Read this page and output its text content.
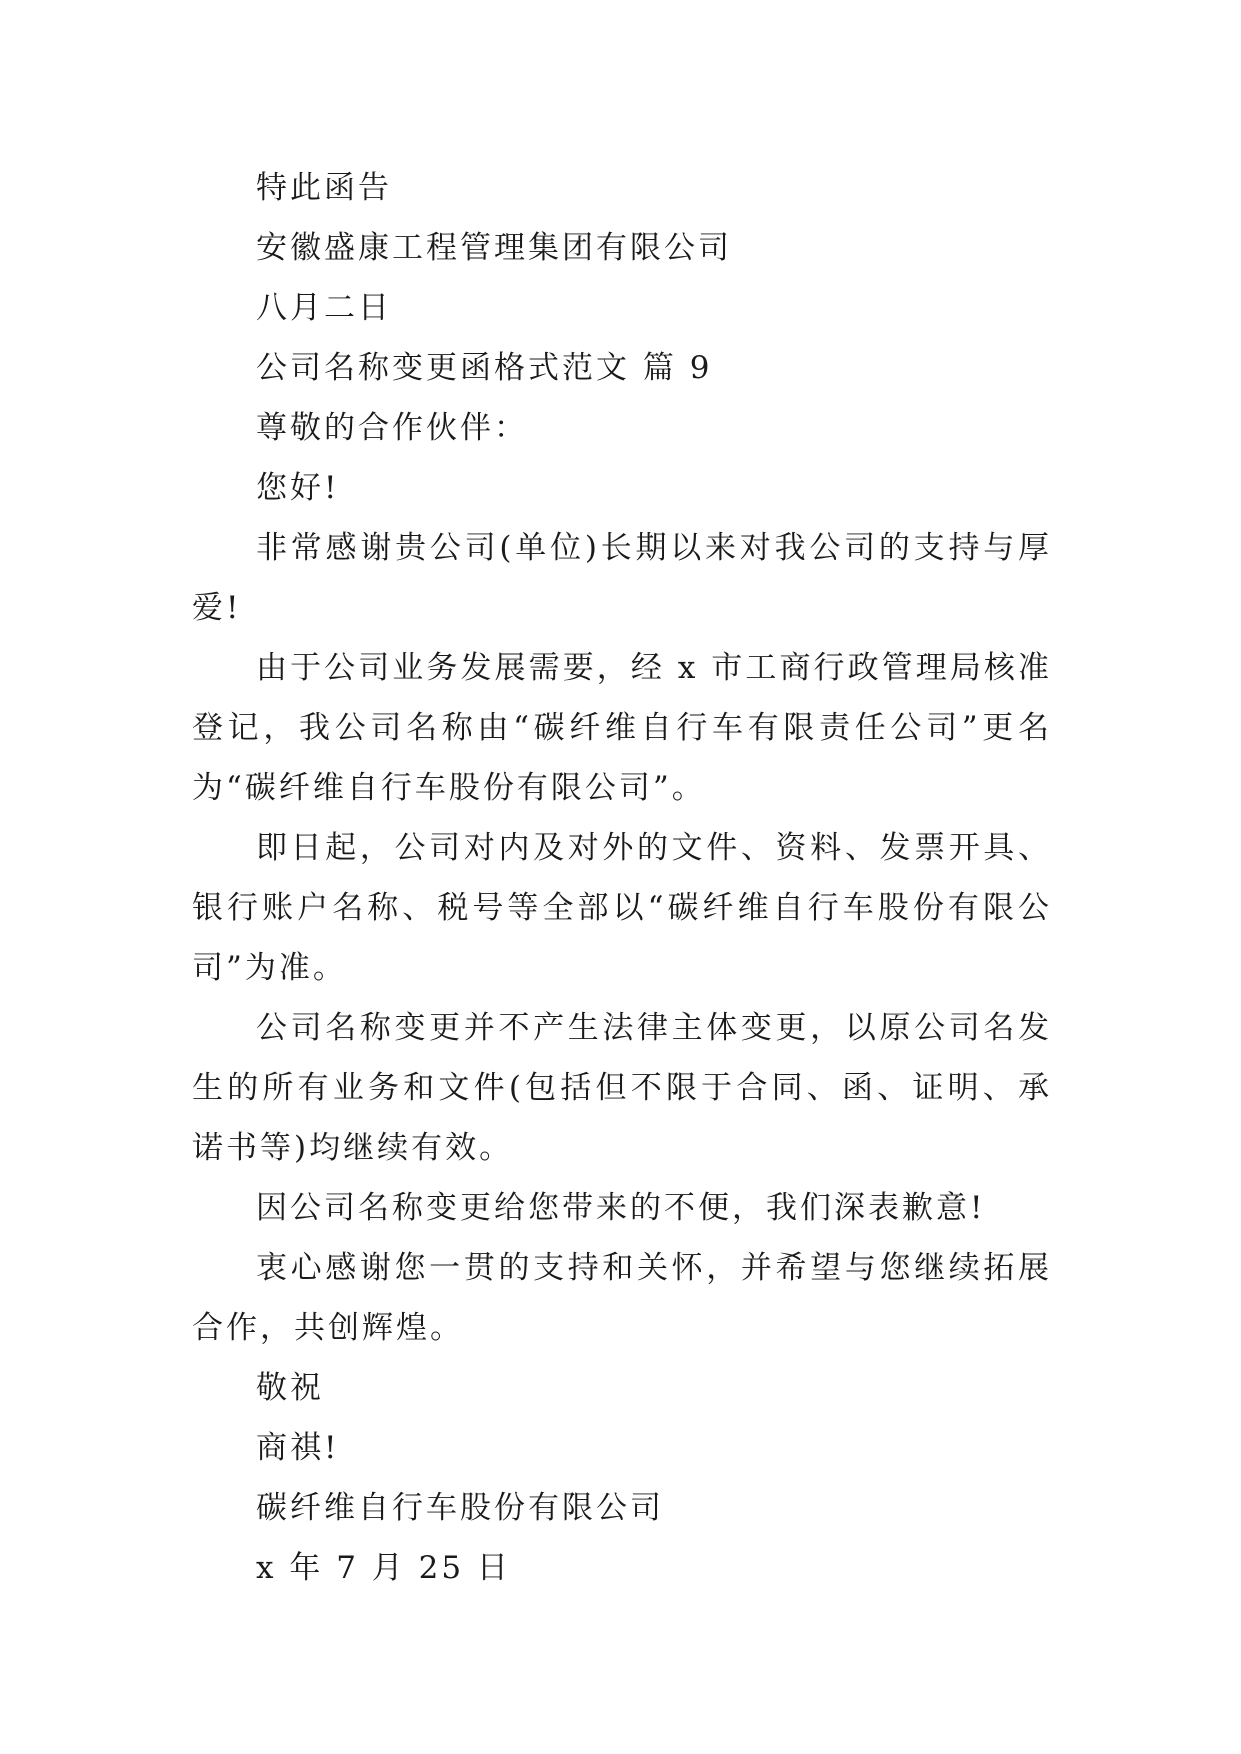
特此函告
安徽盛康工程管理集团有限公司
八月二日
公司名称变更函格式范文 篇 9
尊敬的合作伙伴：
您好!

非常感谢贵公司(单位)长期以来对我公司的支持与厚爱!

由于公司业务发展需要，经 x 市工商行政管理局核准登记，我公司名称由“碳纤维自行车有限责任公司”更名为“碳纤维自行车股份有限公司”。

即日起，公司对内及对外的文件、资料、发票开具、银行账户名称、税号等全部以“碳纤维自行车股份有限公司”为准。

公司名称变更并不产生法律主体变更，以原公司名发生的所有业务和文件(包括但不限于合同、函、证明、承诺书等)均继续有效。

因公司名称变更给您带来的不便，我们深表歉意!

衷心感谢您一贯的支持和关怀，并希望与您继续拓展合作，共创辉煌。

敬祝
商祺!
碳纤维自行车股份有限公司
x 年 7 月 25 日
